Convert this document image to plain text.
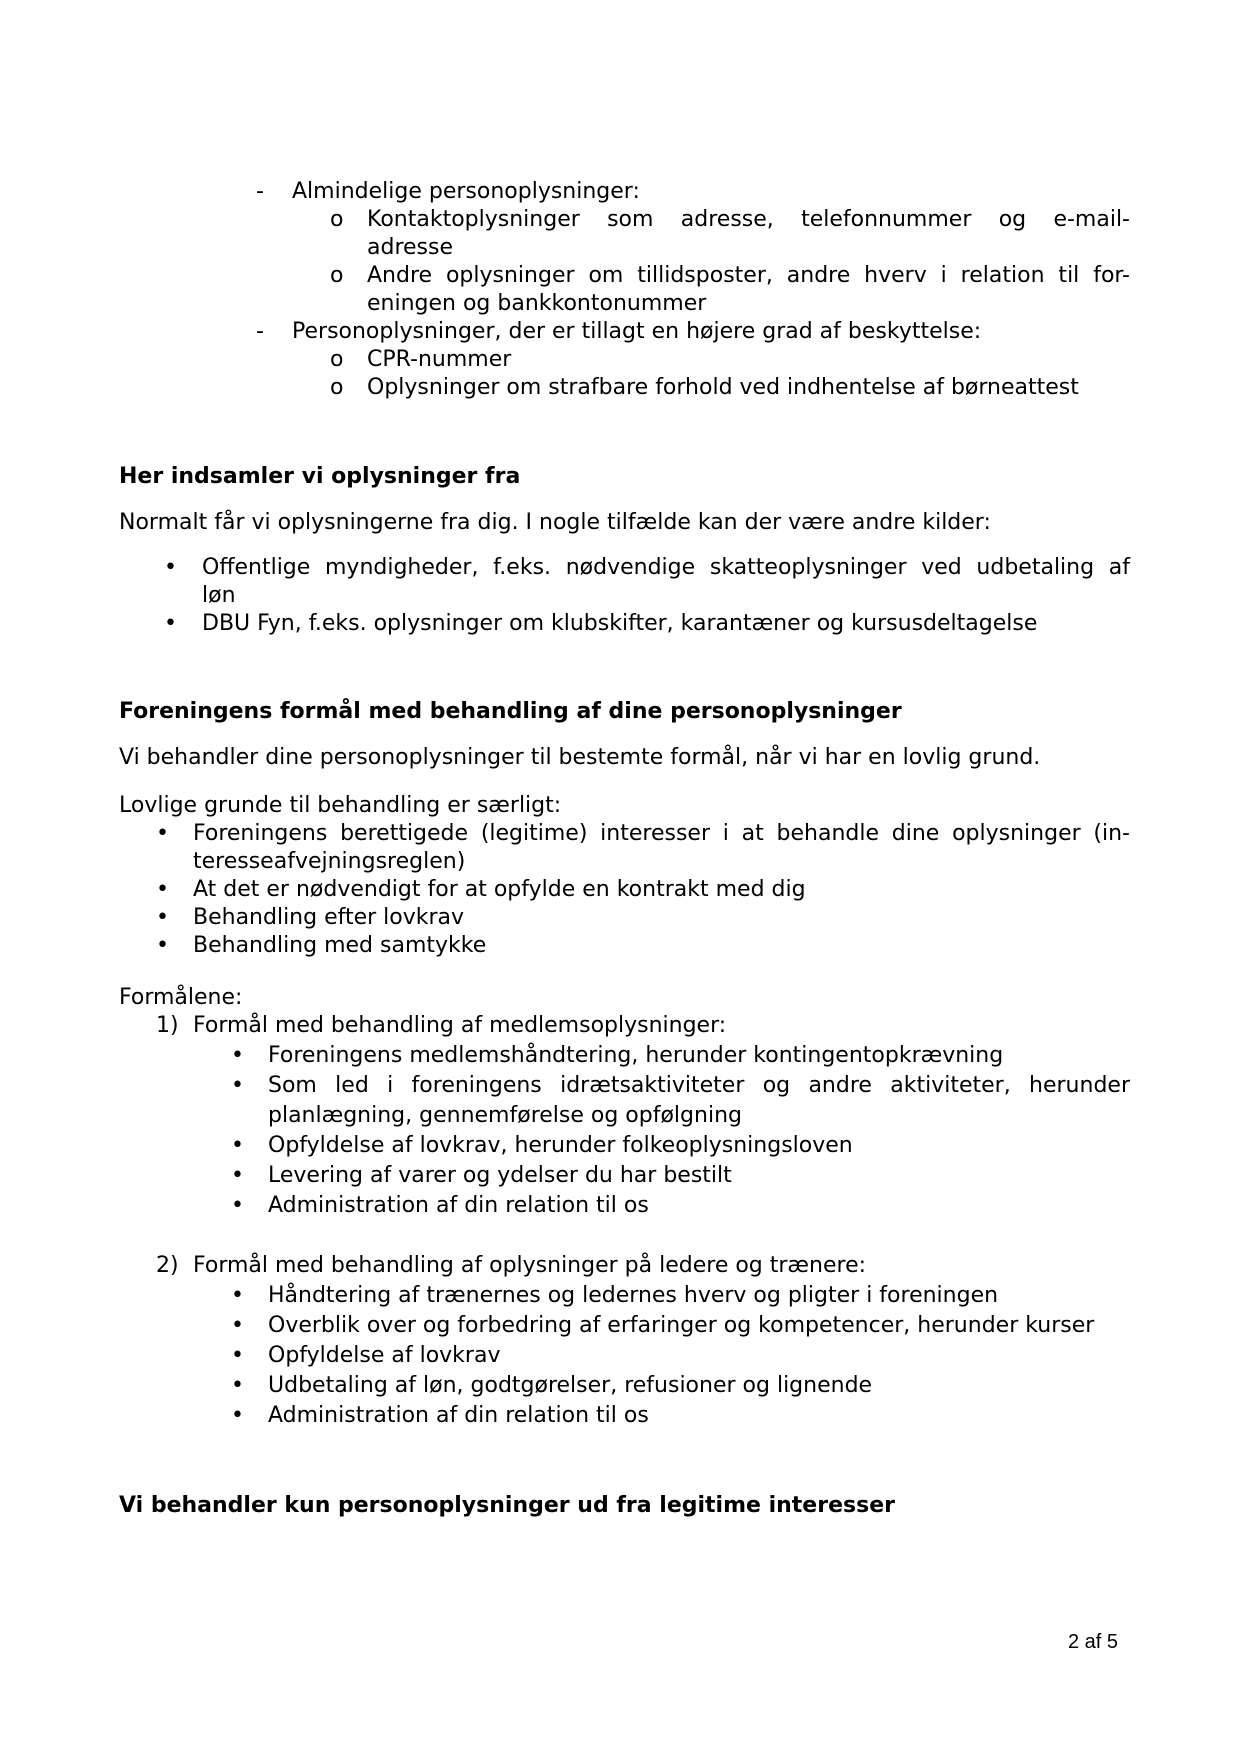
- Almindelige personoplysninger:
o Kontaktoplysninger som adresse, telefonnummer og e-mail-
adresse
o Andre oplysninger om tillidsposter, andre hverv i relation til for-
eningen og bankkontonummer
- Personoplysninger, der er tillagt en højere grad af beskyttelse:
o CPR-nummer
o Oplysninger om strafbare forhold ved indhentelse af børneattest
Her indsamler vi oplysninger fra
Normalt får vi oplysningerne fra dig. I nogle tilfælde kan der være andre kilder:
• Offentlige myndigheder, f.eks. nødvendige skatteoplysninger ved udbetaling af
løn
• DBU Fyn, f.eks. oplysninger om klubskifter, karantæner og kursusdeltagelse
Foreningens formål med behandling af dine personoplysninger
Vi behandler dine personoplysninger til bestemte formål, når vi har en lovlig grund.
Lovlige grunde til behandling er særligt:
• Foreningens berettigede (legitime) interesser i at behandle dine oplysninger (in-
teresseafvejningsreglen)
• At det er nødvendigt for at opfylde en kontrakt med dig
• Behandling efter lovkrav
• Behandling med samtykke
Formålene:
1) Formål med behandling af medlemsoplysninger:
• Foreningens medlemshåndtering, herunder kontingentopkrævning
• Som led i foreningens idrætsaktiviteter og andre aktiviteter, herunder
planlægning, gennemførelse og opfølgning
• Opfyldelse af lovkrav, herunder folkeoplysningsloven
• Levering af varer og ydelser du har bestilt
• Administration af din relation til os
2) Formål med behandling af oplysninger på ledere og trænere:
• Håndtering af trænernes og ledernes hverv og pligter i foreningen
• Overblik over og forbedring af erfaringer og kompetencer, herunder kurser
• Opfyldelse af lovkrav
• Udbetaling af løn, godtgørelser, refusioner og lignende
• Administration af din relation til os
Vi behandler kun personoplysninger ud fra legitime interesser
2 af 5
